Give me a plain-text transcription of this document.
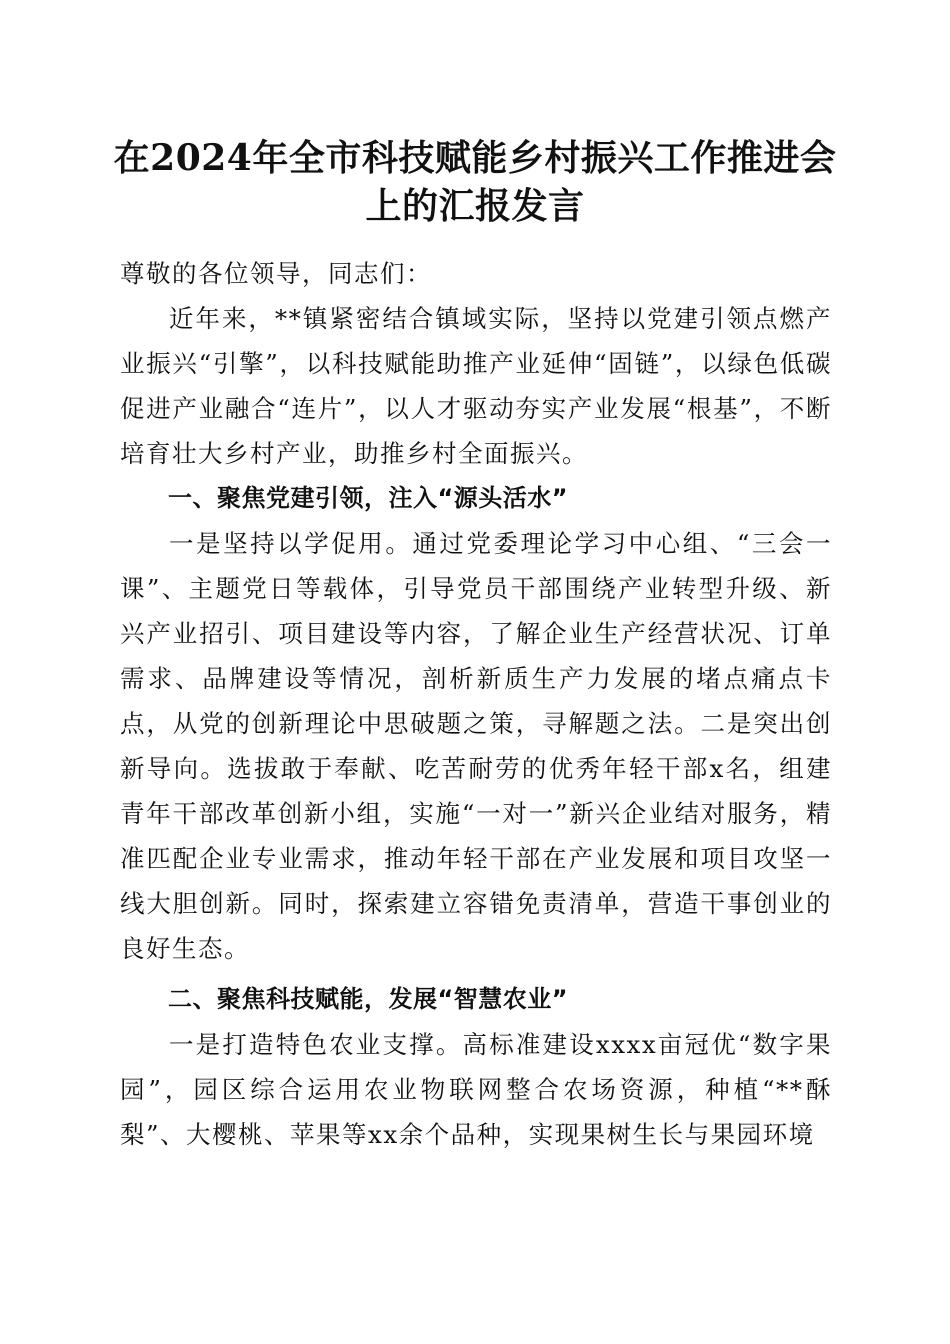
在2024年全市科技赋能乡村振兴工作推进会
上的汇报发言

尊敬的各位领导，同志们：

近年来，**镇紧密结合镇域实际，坚持以党建引领点燃产业振兴“引擎”，以科技赋能助推产业延伸“固链”，以绿色低碳促进产业融合“连片”，以人才驱动夯实产业发展“根基”，不断培育壮大乡村产业，助推乡村全面振兴。

一、聚焦党建引领，注入“源头活水”

一是坚持以学促用。通过党委理论学习中心组、“三会一课”、主题党日等载体，引导党员干部围绕产业转型升级、新兴产业招引、项目建设等内容，了解企业生产经营状况、订单需求、品牌建设等情况，剖析新质生产力发展的堵点痛点卡点，从党的创新理论中思破题之策，寻解题之法。二是突出创新导向。选拔敢于奉献、吃苦耐劳的优秀年轻干部x名，组建青年干部改革创新小组，实施“一对一”新兴企业结对服务，精准匹配企业专业需求，推动年轻干部在产业发展和项目攻坚一线大胆创新。同时，探索建立容错免责清单，营造干事创业的良好生态。

二、聚焦科技赋能，发展“智慧农业”

一是打造特色农业支撑。高标准建设xxxx亩冠优“数字果园”，园区综合运用农业物联网整合农场资源，种植“**酥梨”、大樱桃、苹果等xx余个品种，实现果树生长与果园环境
